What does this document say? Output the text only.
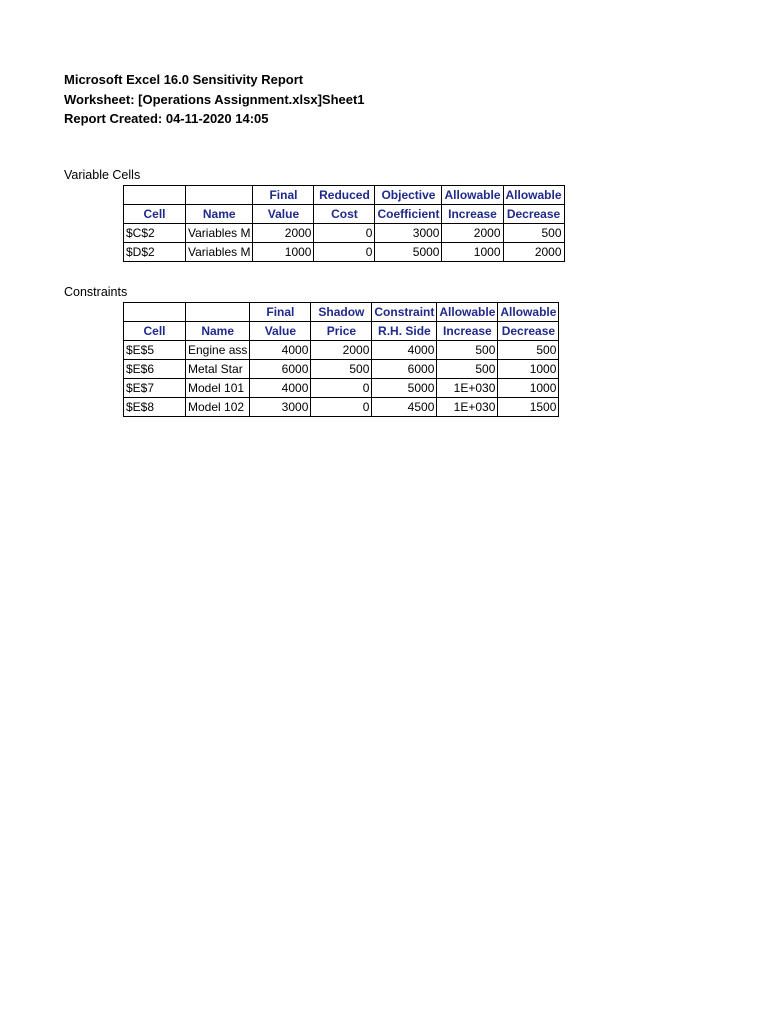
Microsoft Excel 16.0 Sensitivity Report
Worksheet: [Operations Assignment.xlsx]Sheet1
Report Created: 04-11-2020 14:05
Variable Cells
		Final	Reduced	Objective	Allowable	Allowable
Cell	Name	Value	Cost	Coefficient	Increase	Decrease
$C$2	Variables M	2000	0	3000	2000	500
$D$2	Variables M	1000	0	5000	1000	2000
Constraints
		Final	Shadow	Constraint	Allowable	Allowable
Cell	Name	Value	Price	R.H. Side	Increase	Decrease
$E$5	Engine ass	4000	2000	4000	500	500
$E$6	Metal Star	6000	500	6000	500	1000
$E$7	Model 101	4000	0	5000	1E+030	1000
$E$8	Model 102	3000	0	4500	1E+030	1500
